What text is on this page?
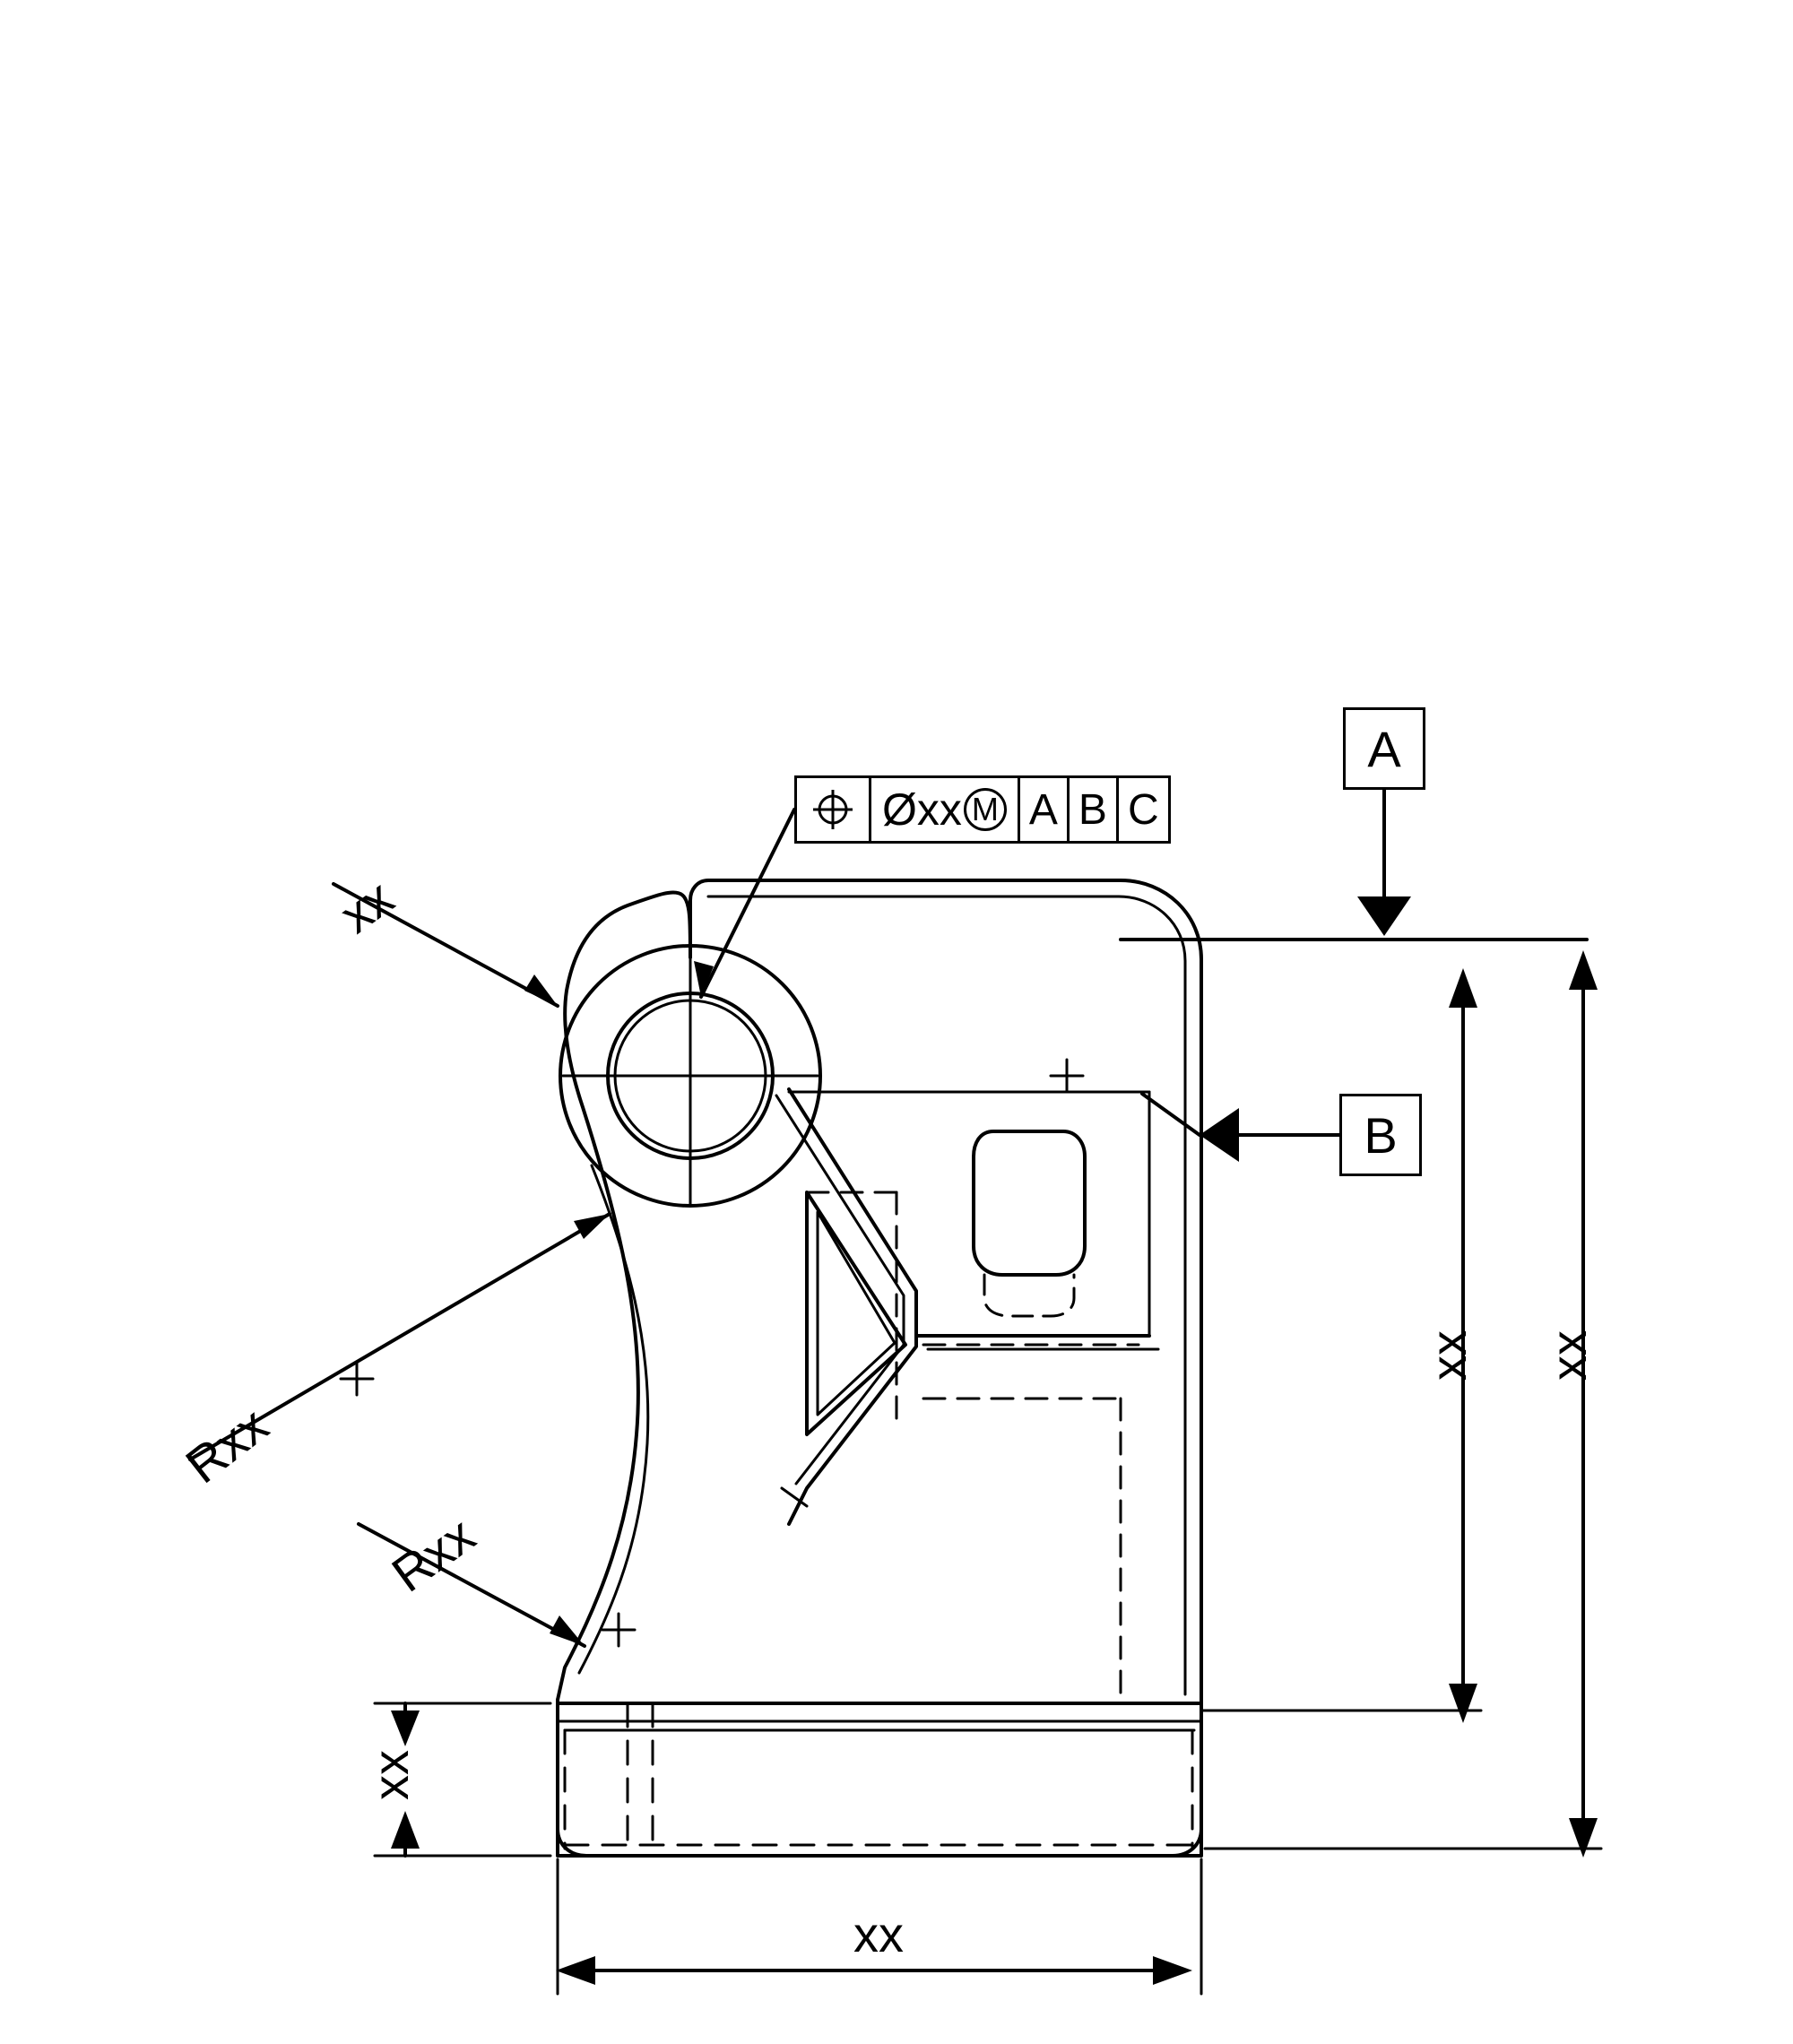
Øxx M A B C
A
B
xx
Rxx
Rxx
xx xx
xx
xx
